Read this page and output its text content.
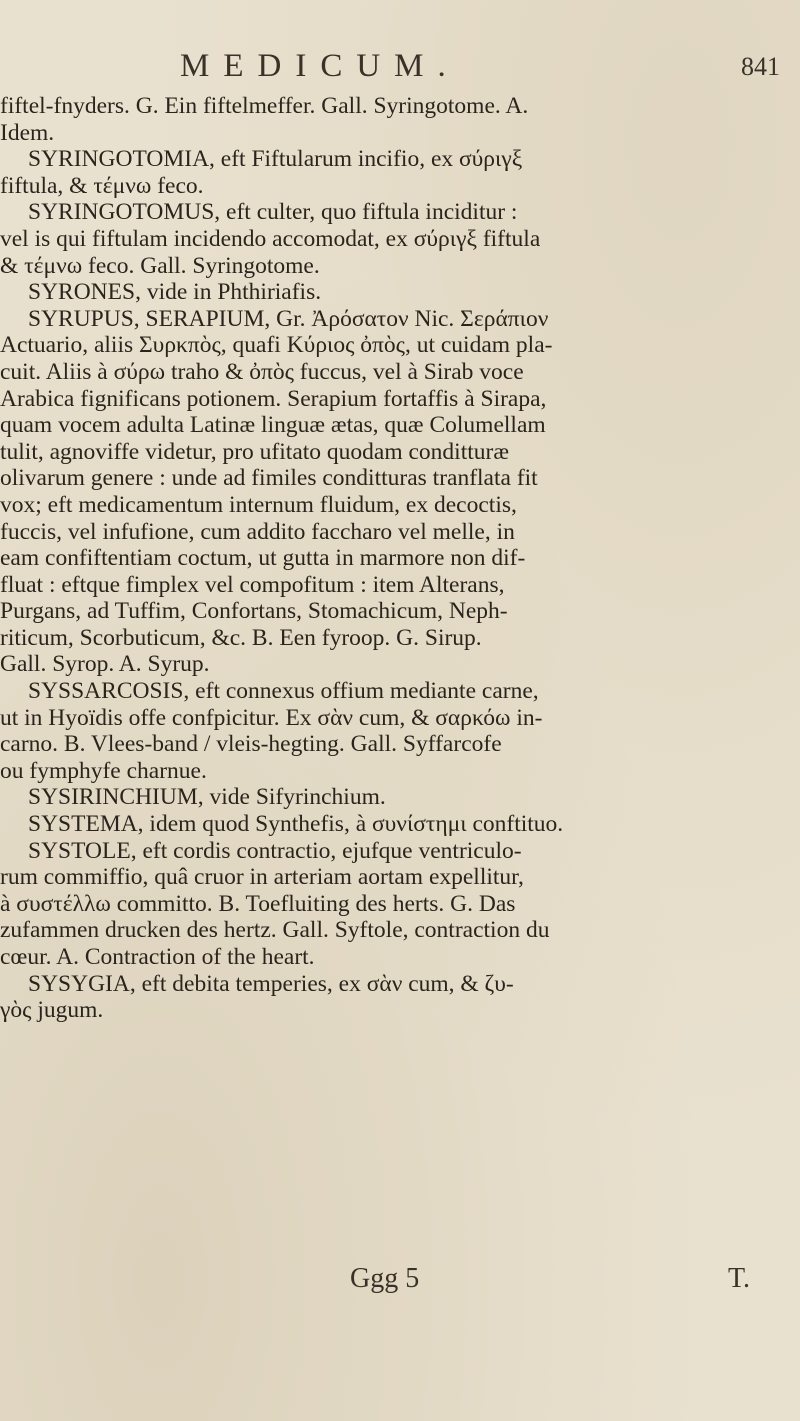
MEDICUM.	841
fiftel-fnyders. G. Ein fiftelmeffer. Gall. Syringotome. A.
Idem.
SYRINGOTOMIA, eft Fiftularum incifio, ex σύριγξ
fiftula, & τέμνω feco.
SYRINGOTOMUS, eft culter, quo fiftula inciditur :
vel is qui fiftulam incidendo accomodat, ex σύριγξ fiftula
& τέμνω feco. Gall. Syringotome.
SYRONES, vide in Phthiriafis.
SYRUPUS, SERAPIUM, Gr. Ἀρόσατον Nic. Σεράπιον
Actuario, aliis Συρκπὸς, quafi Κύριος ὀπὸς, ut cuidam pla-
cuit. Aliis à σύρω traho & ὀπὸς fuccus, vel à Sirab voce
Arabica fignificans potionem. Serapium fortaffis à Sirapa,
quam vocem adulta Latinæ linguæ ætas, quæ Columellam
tulit, agnoviffe videtur, pro ufitato quodam conditturæ
olivarum genere : unde ad fimiles conditturas tranflata fit
vox; eft medicamentum internum fluidum, ex decoctis,
fuccis, vel infufione, cum addito faccharo vel melle, in
eam confiftentiam coctum, ut gutta in marmore non dif-
fluat : eftque fimplex vel compofitum : item Alterans,
Purgans, ad Tuffim, Confortans, Stomachicum, Neph-
riticum, Scorbuticum, &c. B. Een fyroop. G. Sirup.
Gall. Syrop. A. Syrup.
SYSSARCOSIS, eft connexus offium mediante carne,
ut in Hyoïdis offe confpicitur. Ex σὰν cum, & σαρκόω in-
carno. B. Vlees-band / vleis-hegting. Gall. Syffarcofe
ou fymphyfe charnue.
SYSIRINCHIUM, vide Sifyrinchium.
SYSTEMA, idem quod Synthefis, à συνίστημι conftituo.
SYSTOLE, eft cordis contractio, ejufque ventriculo-
rum commiffio, quâ cruor in arteriam aortam expellitur,
à συστέλλω committo. B. Toefluiting des herts. G. Das
zufammen drucken des hertz. Gall. Syftole, contraction du
cœur. A. Contraction of the heart.
SYSYGIA, eft debita temperies, ex σὰν cum, & ζυ-
γὸς jugum.
Ggg 5	T.
